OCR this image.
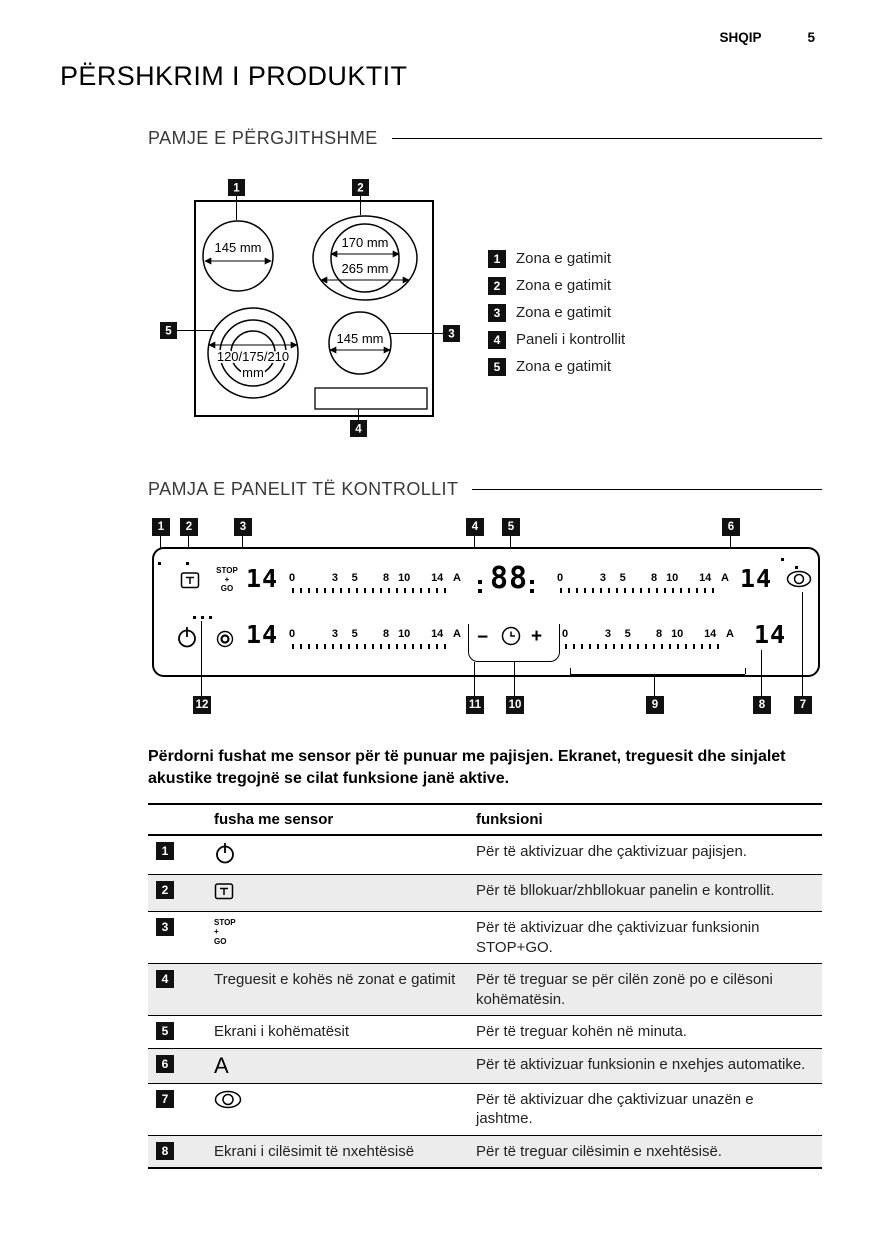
SHQIP	5
PËRSHKRIM I PRODUKTIT
PAMJE E PËRGJITHSHME
145 mm	170 mm
265 mm
120/175/210
mm
145 mm
1	2
5	3
4
1	Zona e gatimit
2	Zona e gatimit
3	Zona e gatimit
4	Paneli i kontrollit
5	Zona e gatimit
PAMJA E PANELIT TË KONTROLLIT
1	2	3	4	5	6
STOP
+
GO 14 0	3 5 8 10 14 A 88	0	3 5 8 10 14 A 14
14 0	3 5 8 10 14 A − + 0	3 5 8 10 14 A 14
12	11 10	9	8	7

Përdorni fushat me sensor për të punuar me pajisjen. Ekranet, treguesit dhe sinjalet akustike tregojnë se cilat funksione janë aktive.

	fusha me sensor	funksioni
1		Për të aktivizuar dhe çaktivizuar pajisjen.
2		Për të bllokuar/zhbllokuar panelin e kontrollit.
3	STOP
+
GO	Për të aktivizuar dhe çaktivizuar funksionin STOP+GO.
4	Treguesit e kohës në zonat e gatimit	Për të treguar se për cilën zonë po e cilësoni kohëmatësin.
5	Ekrani i kohëmatësit	Për të treguar kohën në minuta.
6	A	Për të aktivizuar funksionin e nxehjes automatike.
7		Për të aktivizuar dhe çaktivizuar unazën e jashtme.
8	Ekrani i cilësimit të nxehtësisë	Për të treguar cilësimin e nxehtësisë.
